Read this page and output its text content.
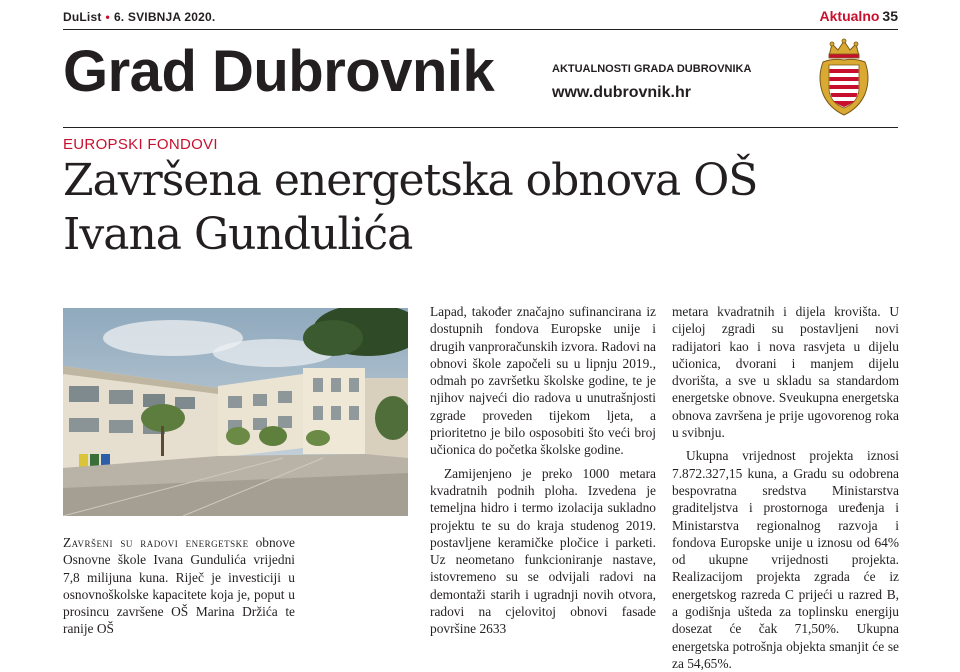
DuList • 6. SVIBNJA 2020.	Aktualno 35
Grad Dubrovnik	AKTUALNOSTI GRADA DUBROVNIKA
www.dubrovnik.hr
EUROPSKI FONDOVI
Završena energetska obnova OŠ Ivana Gundulića

Završeni su radovi energetske obnove Osnovne škole Ivana Gundulića vrijedni 7,8 milijuna kuna. Riječ je investiciji u osnovnoškolske kapacitete koja je, poput u prosincu završene OŠ Marina Držića te ranije OŠ

Lapad, također značajno sufinancirana iz dostupnih fondova Europske unije i drugih vanproračunskih izvora. Radovi na obnovi škole započeli su u lipnju 2019., odmah po završetku školske godine, te je njihov najveći dio radova u unutrašnjosti zgrade proveden tijekom ljeta, a prioritetno je bilo osposobiti što veći broj učionica do početka školske godine.

Zamijenjeno je preko 1000 metara kvadratnih podnih ploha. Izvedena je temeljna hidro i termo izolacija sukladno projektu te su do kraja studenog 2019. postavljene keramičke pločice i parketi. Uz neometano funkcioniranje nastave, istovremeno su se odvijali radovi na demontaži starih i ugradnji novih otvora, radovi na cjelovitoj obnovi fasade površine 2633

metara kvadratnih i dijela krovišta. U cijeloj zgradi su postavljeni novi radijatori kao i nova rasvjeta u dijelu učionica, dvorani i manjem dijelu dvorišta, a sve u skladu sa standardom energetske obnove. Sveukupna energetska obnova završena je prije ugovorenog roka u svibnju.

Ukupna vrijednost projekta iznosi 7.872.327,15 kuna, a Gradu su odobrena bespovratna sredstva Ministarstva graditeljstva i prostornoga uređenja i Ministarstva regionalnog razvoja i fondova Europske unije u iznosu od 64% od ukupne vrijednosti projekta. Realizacijom projekta zgrada će iz energetskog razreda C prijeći u razred B, a godišnja ušteda za toplinsku energiju dosezat će čak 71,50%. Ukupna energetska potrošnja objekta smanjit će se za 54,65%.
